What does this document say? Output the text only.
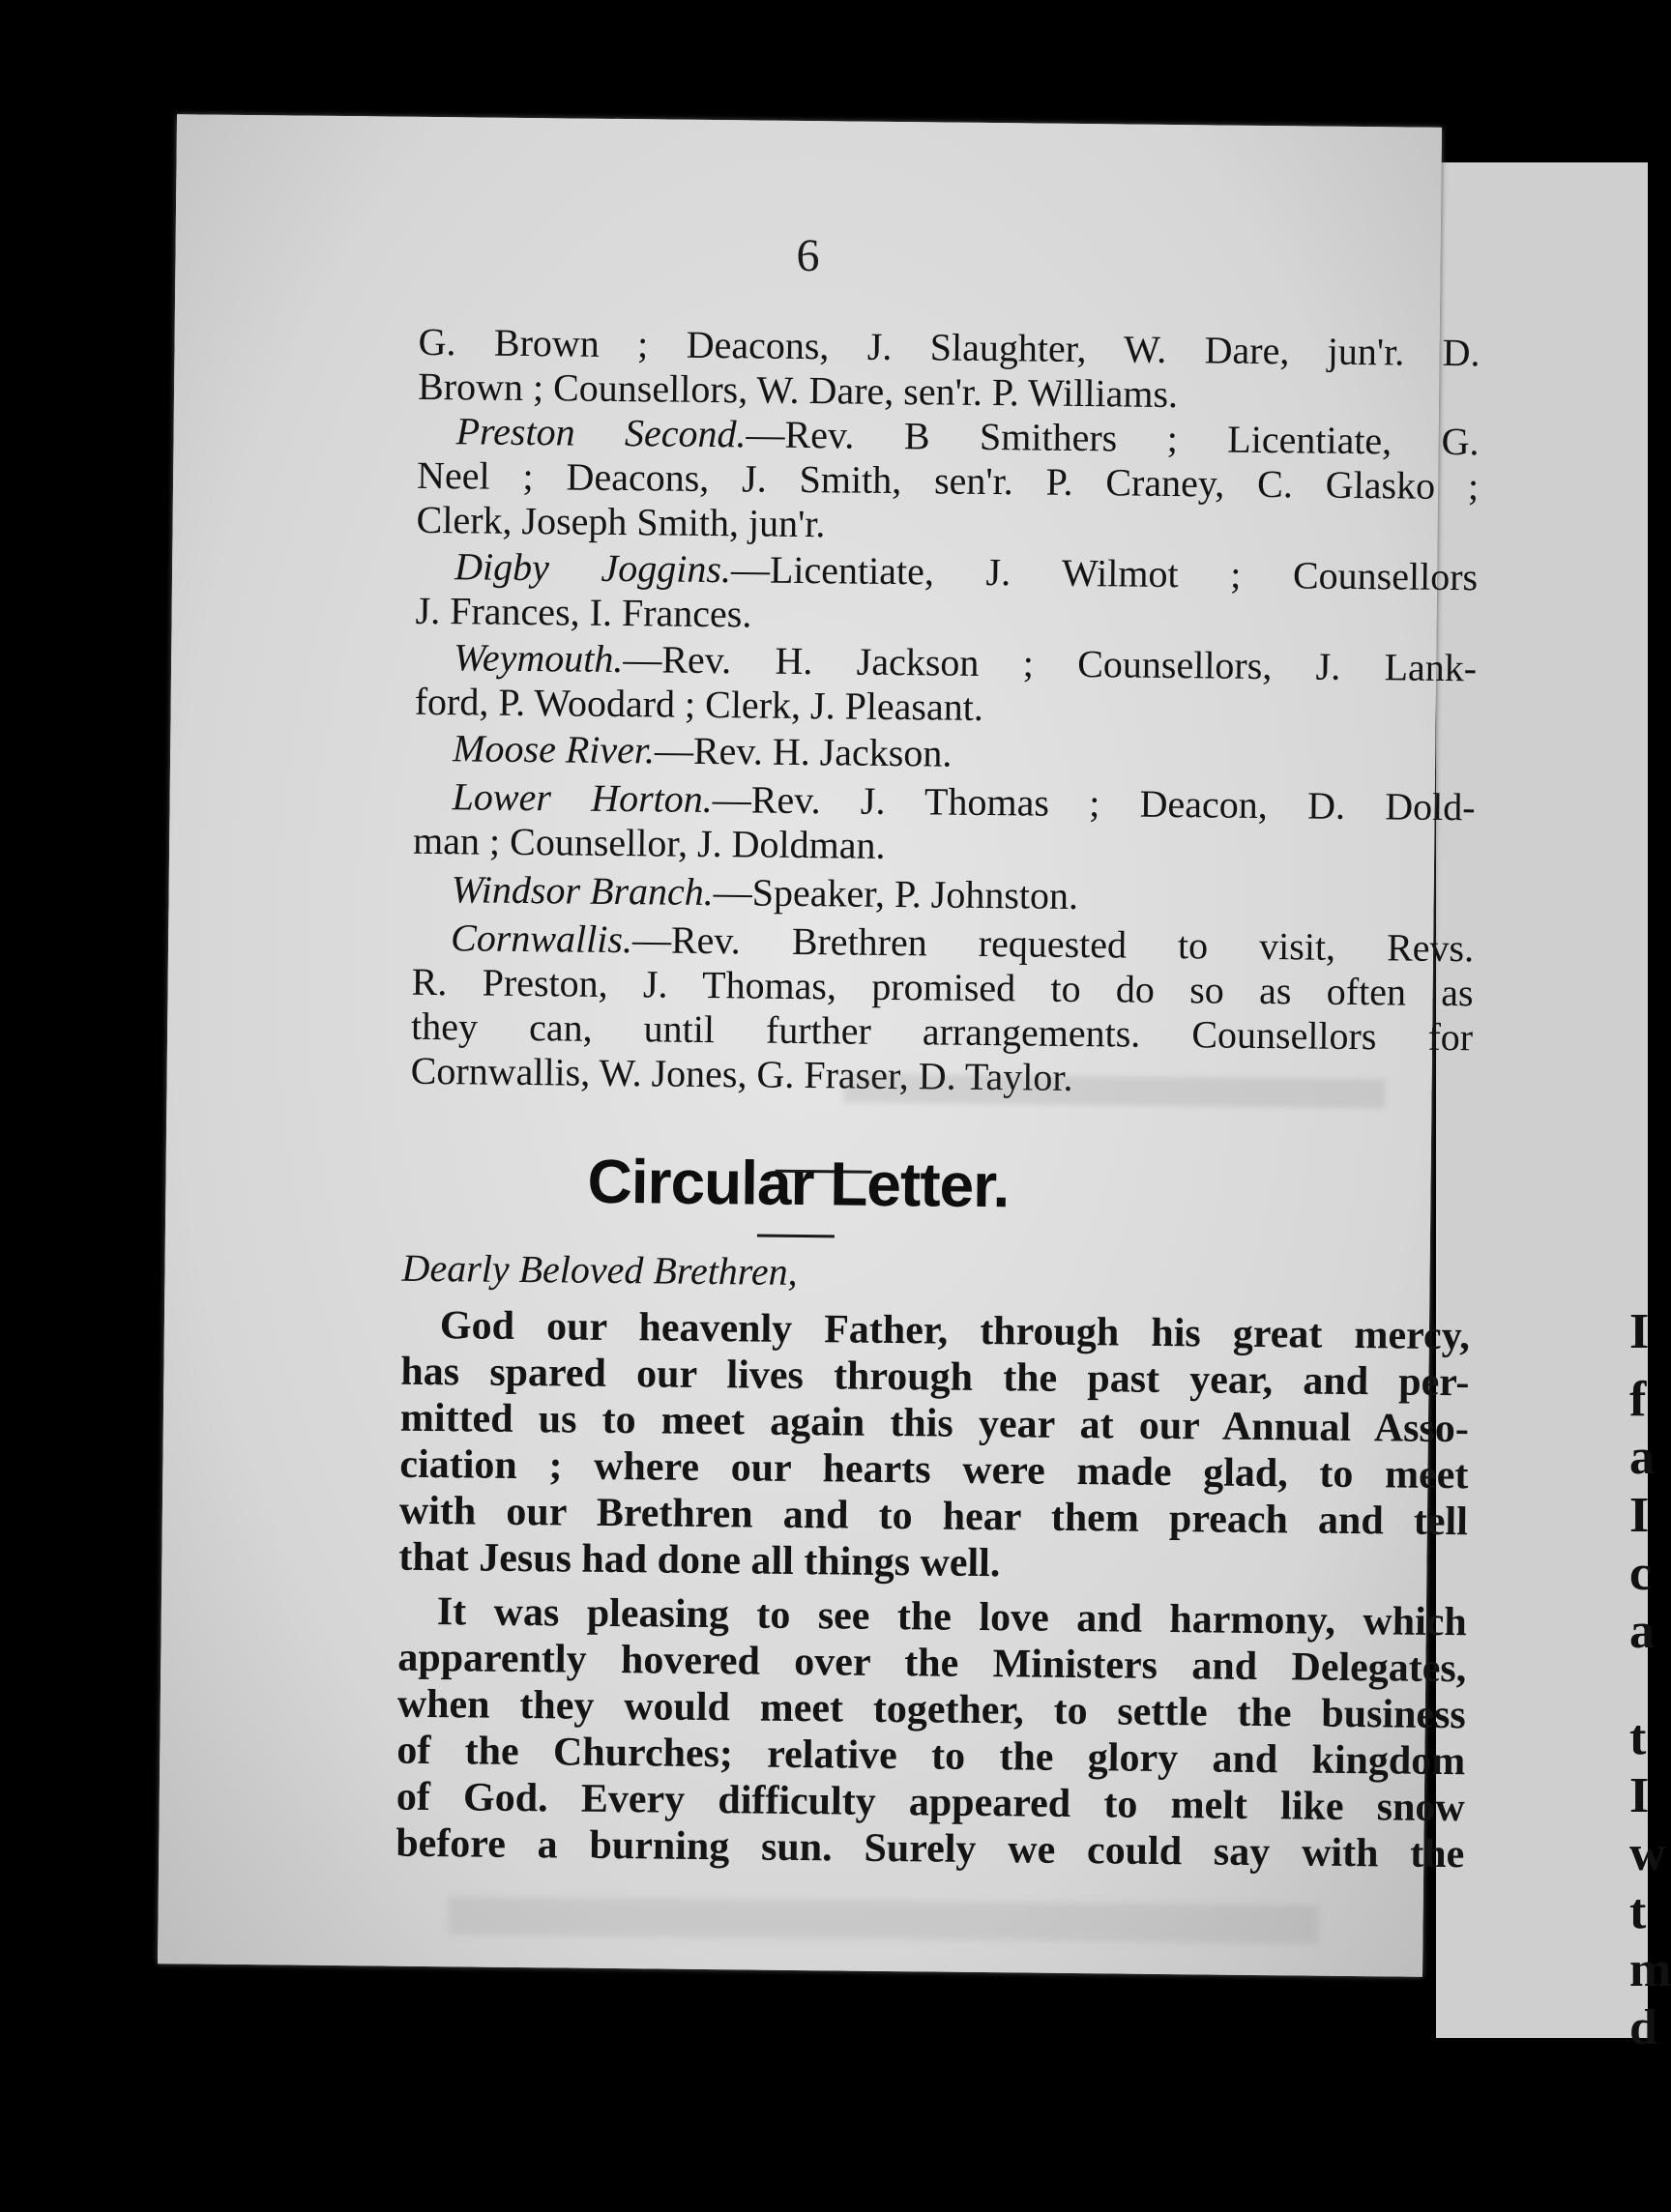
I
f
a
I
c
a
t
I
w
t
m
d
6
G. Brown ; Deacons, J. Slaughter, W. Dare, jun'r. D.
Brown ; Counsellors, W. Dare, sen'r. P. Williams.
Preston Second.—Rev. B Smithers ; Licentiate, G.
Neel ; Deacons, J. Smith, sen'r. P. Craney, C. Glasko ;
Clerk, Joseph Smith, jun'r.
Digby Joggins.—Licentiate, J. Wilmot ; Counsellors
J. Frances, I. Frances.
Weymouth.—Rev. H. Jackson ; Counsellors, J. Lank-
ford, P. Woodard ; Clerk, J. Pleasant.
Moose River.—Rev. H. Jackson.
Lower Horton.—Rev. J. Thomas ; Deacon, D. Dold-
man ; Counsellor, J. Doldman.
Windsor Branch.—Speaker, P. Johnston.
Cornwallis.—Rev. Brethren requested to visit, Revs.
R. Preston, J. Thomas, promised to do so as often as
they can, until further arrangements. Counsellors for
Cornwallis, W. Jones, G. Fraser, D. Taylor.
Circular Letter.
Dearly Beloved Brethren,
God our heavenly Father, through his great mercy,
has spared our lives through the past year, and per-
mitted us to meet again this year at our Annual Asso-
ciation ; where our hearts were made glad, to meet
with our Brethren and to hear them preach and tell
that Jesus had done all things well.
It was pleasing to see the love and harmony, which
apparently hovered over the Ministers and Delegates,
when they would meet together, to settle the business
of the Churches; relative to the glory and kingdom
of God. Every difficulty appeared to melt like snow
before a burning sun. Surely we could say with the
